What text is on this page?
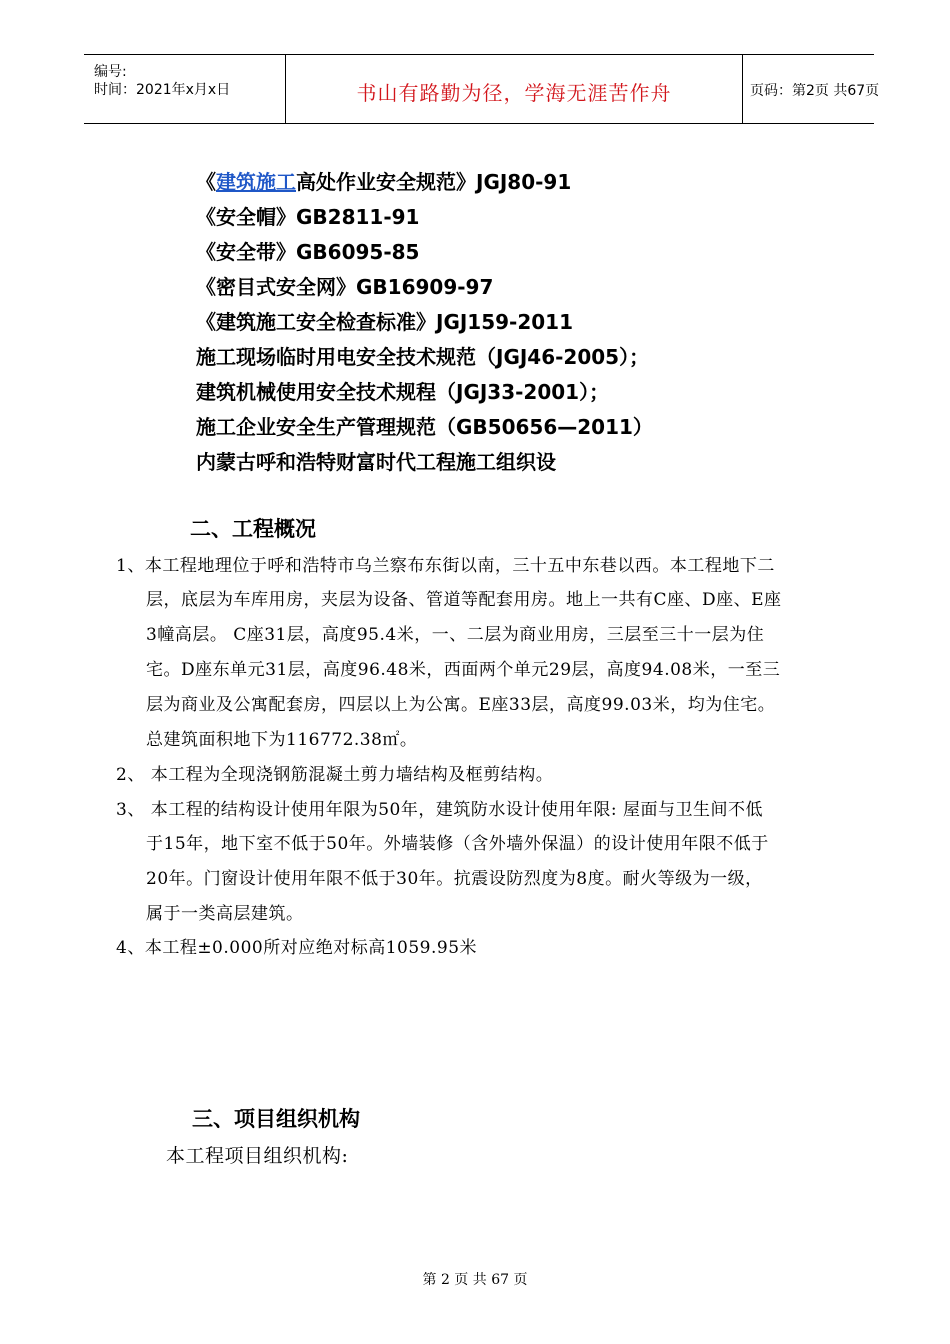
编号:
时间：2021年x月x日	书山有路勤为径，学海无涯苦作舟	页码：第2页 共67页
《建筑施工高处作业安全规范》JGJ80-91
《安全帽》GB2811-91
《安全带》GB6095-85
《密目式安全网》GB16909-97
《建筑施工安全检查标准》JGJ159-2011
施工现场临时用电安全技术规范（JGJ46-2005）；
建筑机械使用安全技术规程（JGJ33-2001）；
施工企业安全生产管理规范（GB50656—2011）
内蒙古呼和浩特财富时代工程施工组织设
二、工程概况
1、本工程地理位于呼和浩特市乌兰察布东街以南，三十五中东巷以西。本工程地下二
层，底层为车库用房，夹层为设备、管道等配套用房。地上一共有C座、D座、E座
3幢高层。 C座31层，高度95.4米，一、二层为商业用房，三层至三十一层为住
宅。D座东单元31层，高度96.48米，西面两个单元29层，高度94.08米，一至三
层为商业及公寓配套房，四层以上为公寓。E座33层，高度99.03米，均为住宅。
总建筑面积地下为116772.38㎡。
2、 本工程为全现浇钢筋混凝土剪力墙结构及框剪结构。
3、 本工程的结构设计使用年限为50年，建筑防水设计使用年限: 屋面与卫生间不低
于15年，地下室不低于50年。外墙装修（含外墙外保温）的设计使用年限不低于
20年。门窗设计使用年限不低于30年。抗震设防烈度为8度。耐火等级为一级，
属于一类高层建筑。
4、本工程±0.000所对应绝对标高1059.95米
三、项目组织机构
本工程项目组织机构:
第 2 页 共 67 页
